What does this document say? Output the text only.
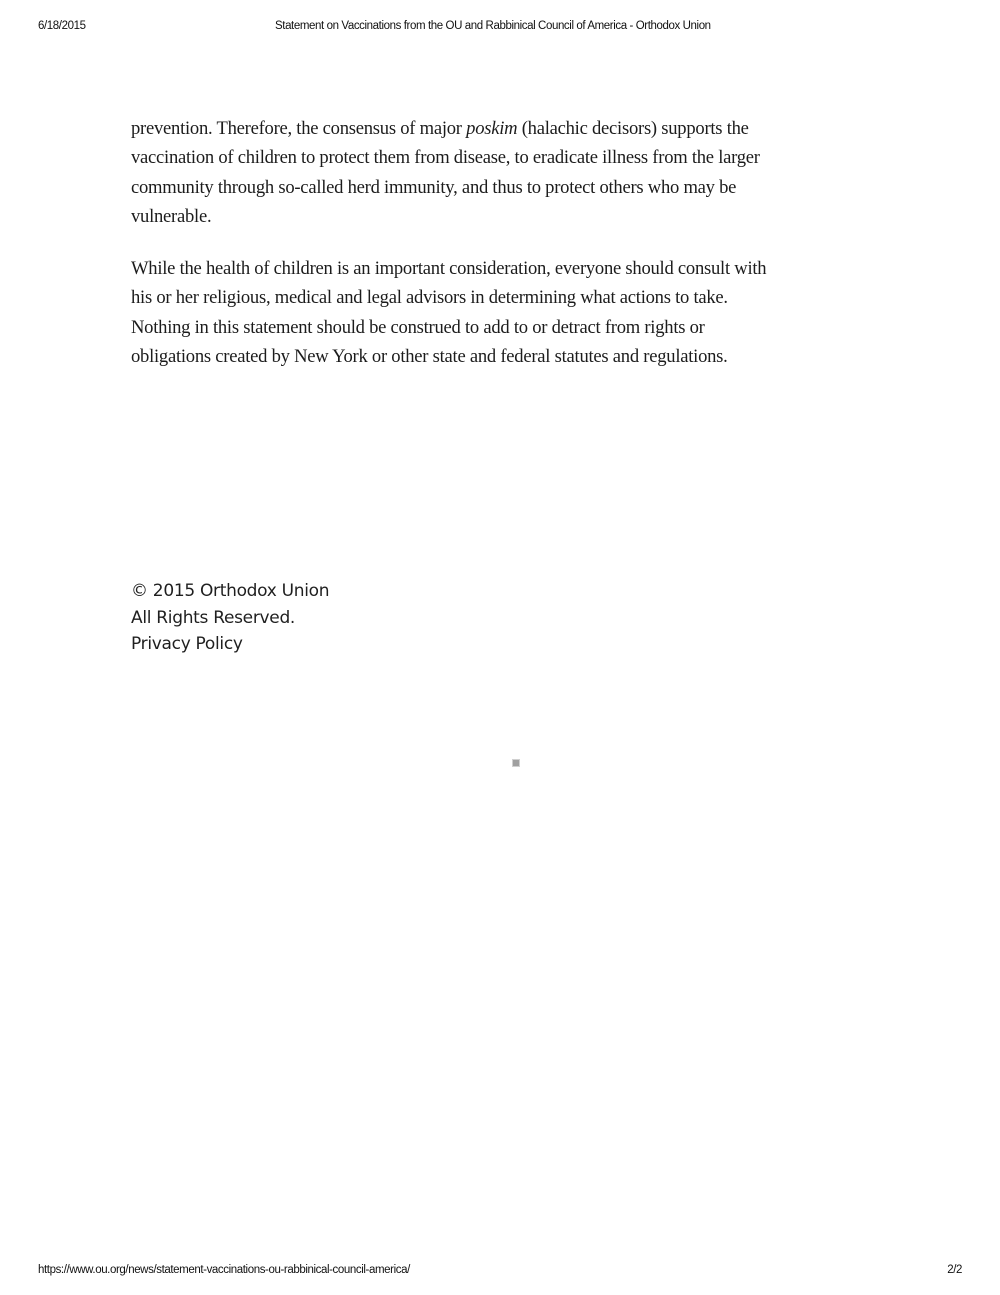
6/18/2015	Statement on Vaccinations from the OU and Rabbinical Council of America - Orthodox Union

prevention. Therefore, the consensus of major poskim (halachic decisors) supports the
vaccination of children to protect them from disease, to eradicate illness from the larger
community through so-called herd immunity, and thus to protect others who may be
vulnerable.

While the health of children is an important consideration, everyone should consult with
his or her religious, medical and legal advisors in determining what actions to take.
Nothing in this statement should be construed to add to or detract from rights or
obligations created by New York or other state and federal statutes and regulations.

© 2015 Orthodox Union
All Rights Reserved.
Privacy Policy
https://www.ou.org/news/statement-vaccinations-ou-rabbinical-council-america/	2/2
